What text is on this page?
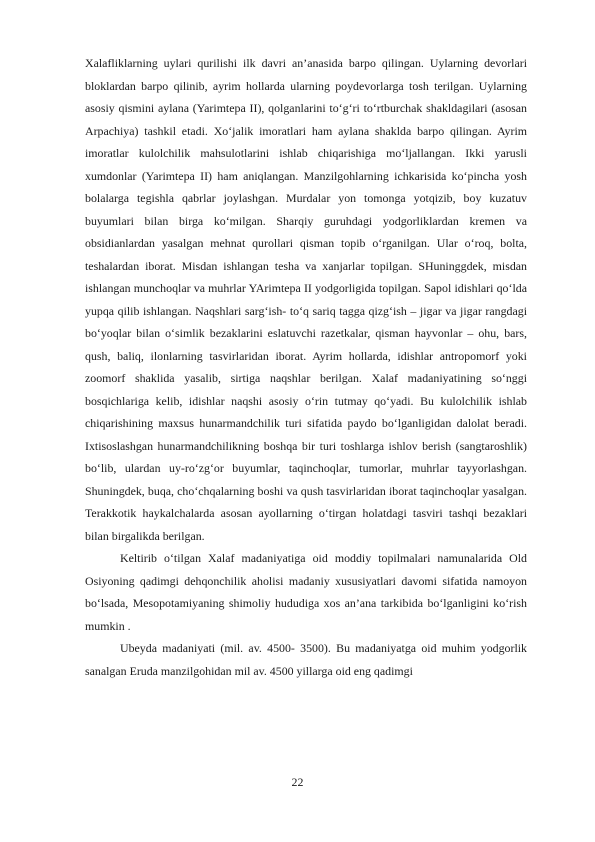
Xalafliklarning uylari qurilishi ilk davri an’anasida barpo qilingan. Uylarning devorlari bloklardan barpo qilinib, ayrim hollarda ularning poydevorlarga tosh terilgan. Uylarning asosiy qismini aylana (Yarimtepa II), qolganlarini to‘g‘ri to‘rtburchak shakldagilari (asosan Arpachiya) tashkil etadi. Xo‘jalik imoratlari ham aylana shaklda barpo qilingan. Ayrim imoratlar kulolchilik mahsulotlarini ishlab chiqarishiga mo‘ljallangan. Ikki yarusli xumdonlar (Yarimtepa II) ham aniqlangan. Manzilgohlarning ichkarisida ko‘pincha yosh bolalarga tegishla qabrlar joylashgan. Murdalar yon tomonga yotqizib, boy kuzatuv buyumlari bilan birga ko‘milgan. Sharqiy guruhdagi yodgorliklardan kremen va obsidianlardan yasalgan mehnat qurollari qisman topib o‘rganilgan. Ular o‘roq, bolta, teshalardan iborat. Misdan ishlangan tesha va xanjarlar topilgan. SHuninggdek, misdan ishlangan munchoqlar va muhrlar YArimtepa II yodgorligida topilgan. Sapol idishlari qo‘lda yupqa qilib ishlangan. Naqshlari sarg‘ish- to‘q sariq tagga qizg‘ish – jigar va jigar rangdagi bo‘yoqlar bilan o‘simlik bezaklarini eslatuvchi razetkalar, qisman hayvonlar – ohu, bars, qush, baliq, ilonlarning tasvirlaridan iborat. Ayrim hollarda, idishlar antropomorf yoki zoomorf shaklida yasalib, sirtiga naqshlar berilgan. Xalaf madaniyatining so‘nggi bosqichlariga kelib, idishlar naqshi asosiy o‘rin tutmay qo‘yadi. Bu kulolchilik ishlab chiqarishining maxsus hunarmandchilik turi sifatida paydo bo‘lganligidan dalolat beradi. Ixtisoslashgan hunarmandchilikning boshqa bir turi toshlarga ishlov berish (sangtaroshlik) bo‘lib, ulardan uy-ro‘zg‘or buyumlar, taqinchoqlar, tumorlar, muhrlar tayyorlashgan. Shuningdek, buqa, cho‘chqalarning boshi va qush tasvirlaridan iborat taqinchoqlar yasalgan. Terakkotik haykalchalarda asosan ayollarning o‘tirgan holatdagi tasviri tashqi bezaklari bilan birgalikda berilgan.

Keltirib o‘tilgan Xalaf madaniyatiga oid moddiy topilmalari namunalarida Old Osiyoning qadimgi dehqonchilik aholisi madaniy xususiyatlari davomi sifatida namoyon bo‘lsada, Mesopotamiyaning shimoliy hududiga xos an’ana tarkibida bo‘lganligini ko‘rish mumkin .

Ubeyda madaniyati (mil. av. 4500- 3500). Bu madaniyatga oid muhim yodgorlik sanalgan Eruda manzilgohidan mil av. 4500 yillarga oid eng qadimgi

22
